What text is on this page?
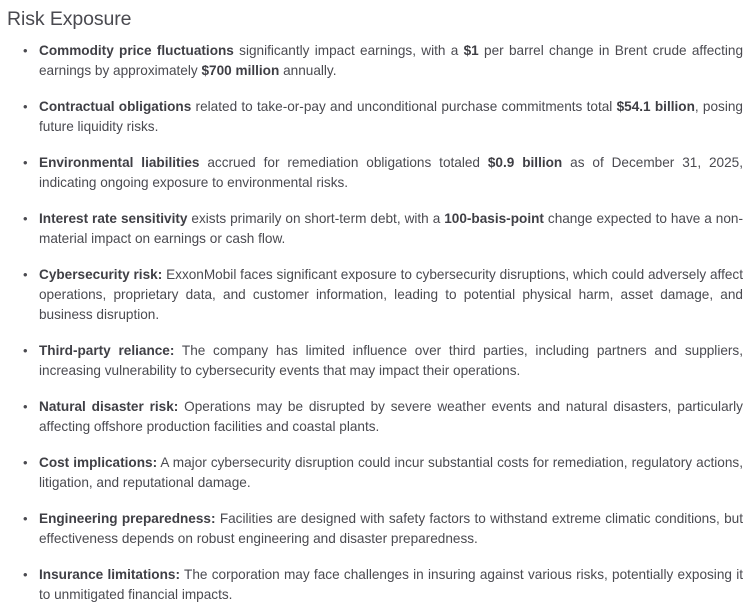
Risk Exposure
• Commodity price fluctuations significantly impact earnings, with a $1 per barrel change in Brent crude affecting earnings by approximately $700 million annually.
• Contractual obligations related to take-or-pay and unconditional purchase commitments total $54.1 billion, posing future liquidity risks.
• Environmental liabilities accrued for remediation obligations totaled $0.9 billion as of December 31, 2025, indicating ongoing exposure to environmental risks.
• Interest rate sensitivity exists primarily on short-term debt, with a 100-basis-point change expected to have a non-material impact on earnings or cash flow.
• Cybersecurity risk: ExxonMobil faces significant exposure to cybersecurity disruptions, which could adversely affect operations, proprietary data, and customer information, leading to potential physical harm, asset damage, and business disruption.
• Third-party reliance: The company has limited influence over third parties, including partners and suppliers, increasing vulnerability to cybersecurity events that may impact their operations.
• Natural disaster risk: Operations may be disrupted by severe weather events and natural disasters, particularly affecting offshore production facilities and coastal plants.
• Cost implications: A major cybersecurity disruption could incur substantial costs for remediation, regulatory actions, litigation, and reputational damage.
• Engineering preparedness: Facilities are designed with safety factors to withstand extreme climatic conditions, but effectiveness depends on robust engineering and disaster preparedness.
• Insurance limitations: The corporation may face challenges in insuring against various risks, potentially exposing it to unmitigated financial impacts.
